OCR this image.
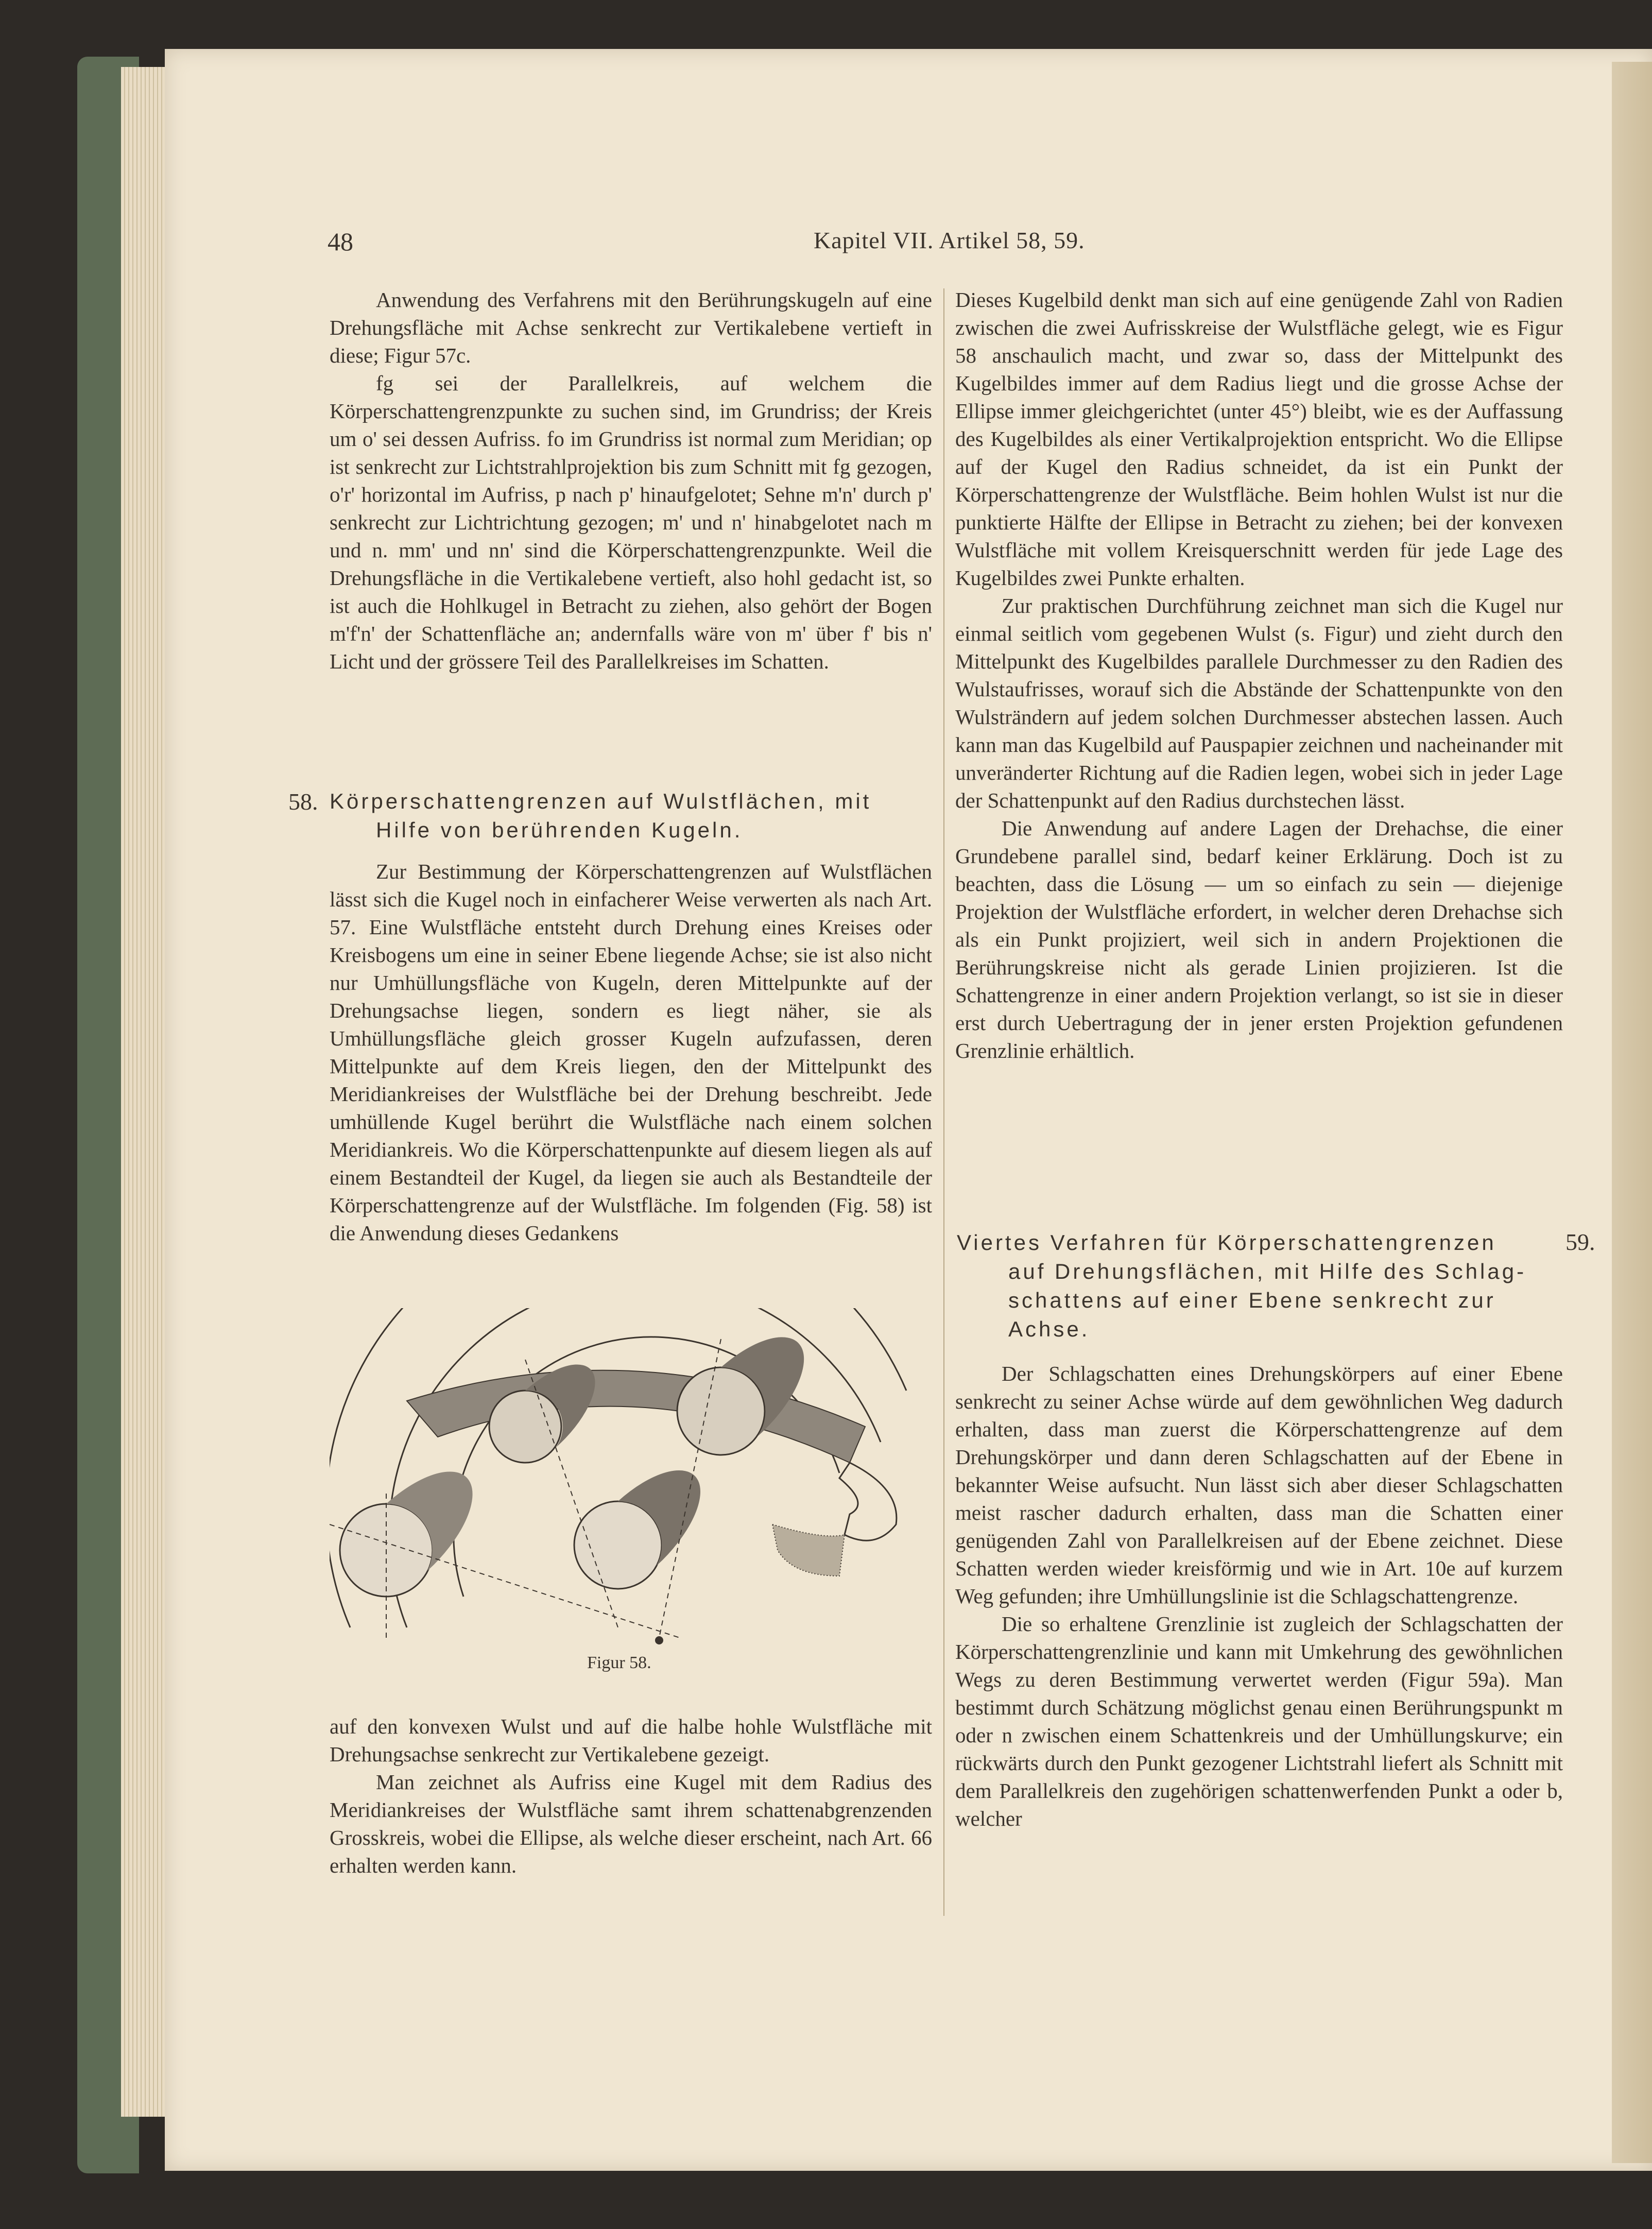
48	Kapitel VII. Artikel 58, 59.

Anwendung des Verfahrens mit den Berührungskugeln auf eine Drehungsfläche mit Achse senkrecht zur Vertikalebene vertieft in diese; Figur 57c.

fg sei der Parallelkreis, auf welchem die Körperschattengrenzpunkte zu suchen sind, im Grundriss; der Kreis um o' sei dessen Aufriss. fo im Grundriss ist normal zum Meridian; op ist senkrecht zur Lichtstrahlprojektion bis zum Schnitt mit fg gezogen, o'r' horizontal im Aufriss, p nach p' hinaufgelotet; Sehne m'n' durch p' senkrecht zur Lichtrichtung gezogen; m' und n' hinabgelotet nach m und n. mm' und nn' sind die Körperschattengrenzpunkte. Weil die Drehungsfläche in die Vertikalebene vertieft, also hohl gedacht ist, so ist auch die Hohlkugel in Betracht zu ziehen, also gehört der Bogen m'f'n' der Schattenfläche an; andernfalls wäre von m' über f' bis n' Licht und der grössere Teil des Parallelkreises im Schatten.

58. Körperschattengrenzen auf Wulstflächen, mit
Hilfe von berührenden Kugeln.

Zur Bestimmung der Körperschattengrenzen auf Wulstflächen lässt sich die Kugel noch in einfacherer Weise verwerten als nach Art. 57. Eine Wulstfläche entsteht durch Drehung eines Kreises oder Kreisbogens um eine in seiner Ebene liegende Achse; sie ist also nicht nur Umhüllungsfläche von Kugeln, deren Mittelpunkte auf der Drehungsachse liegen, sondern es liegt näher, sie als Umhüllungsfläche gleich grosser Kugeln aufzufassen, deren Mittelpunkte auf dem Kreis liegen, den der Mittelpunkt des Meridiankreises der Wulstfläche bei der Drehung beschreibt. Jede umhüllende Kugel berührt die Wulstfläche nach einem solchen Meridiankreis. Wo die Körperschattenpunkte auf diesem liegen als auf einem Bestandteil der Kugel, da liegen sie auch als Bestandteile der Körperschattengrenze auf der Wulstfläche. Im folgenden (Fig. 58) ist die Anwendung dieses Gedankens

Figur 58.

auf den konvexen Wulst und auf die halbe hohle Wulstfläche mit Drehungsachse senkrecht zur Vertikalebene gezeigt.

Man zeichnet als Aufriss eine Kugel mit dem Radius des Meridiankreises der Wulstfläche samt ihrem schattenabgrenzenden Grosskreis, wobei die Ellipse, als welche dieser erscheint, nach Art. 66 erhalten werden kann.

Dieses Kugelbild denkt man sich auf eine genügende Zahl von Radien zwischen die zwei Aufrisskreise der Wulstfläche gelegt, wie es Figur 58 anschaulich macht, und zwar so, dass der Mittelpunkt des Kugelbildes immer auf dem Radius liegt und die grosse Achse der Ellipse immer gleichgerichtet (unter 45°) bleibt, wie es der Auffassung des Kugelbildes als einer Vertikalprojektion entspricht. Wo die Ellipse auf der Kugel den Radius schneidet, da ist ein Punkt der Körperschattengrenze der Wulstfläche. Beim hohlen Wulst ist nur die punktierte Hälfte der Ellipse in Betracht zu ziehen; bei der konvexen Wulstfläche mit vollem Kreisquerschnitt werden für jede Lage des Kugelbildes zwei Punkte erhalten.

Zur praktischen Durchführung zeichnet man sich die Kugel nur einmal seitlich vom gegebenen Wulst (s. Figur) und zieht durch den Mittelpunkt des Kugelbildes parallele Durchmesser zu den Radien des Wulstaufrisses, worauf sich die Abstände der Schattenpunkte von den Wulsträndern auf jedem solchen Durchmesser abstechen lassen. Auch kann man das Kugelbild auf Pauspapier zeichnen und nacheinander mit unveränderter Richtung auf die Radien legen, wobei sich in jeder Lage der Schattenpunkt auf den Radius durchstechen lässt.

Die Anwendung auf andere Lagen der Drehachse, die einer Grundebene parallel sind, bedarf keiner Erklärung. Doch ist zu beachten, dass die Lösung — um so einfach zu sein — diejenige Projektion der Wulstfläche erfordert, in welcher deren Drehachse sich als ein Punkt projiziert, weil sich in andern Projektionen die Berührungskreise nicht als gerade Linien projizieren. Ist die Schattengrenze in einer andern Projektion verlangt, so ist sie in dieser erst durch Uebertragung der in jener ersten Projektion gefundenen Grenzlinie erhältlich.

Viertes Verfahren für Körperschattengrenzen	59.
auf Drehungsflächen, mit Hilfe des Schlag-
schattens auf einer Ebene senkrecht zur
Achse.

Der Schlagschatten eines Drehungskörpers auf einer Ebene senkrecht zu seiner Achse würde auf dem gewöhnlichen Weg dadurch erhalten, dass man zuerst die Körperschattengrenze auf dem Drehungskörper und dann deren Schlagschatten auf der Ebene in bekannter Weise aufsucht. Nun lässt sich aber dieser Schlagschatten meist rascher dadurch erhalten, dass man die Schatten einer genügenden Zahl von Parallelkreisen auf der Ebene zeichnet. Diese Schatten werden wieder kreisförmig und wie in Art. 10e auf kurzem Weg gefunden; ihre Umhüllungslinie ist die Schlagschattengrenze.

Die so erhaltene Grenzlinie ist zugleich der Schlagschatten der Körperschattengrenzlinie und kann mit Umkehrung des gewöhnlichen Wegs zu deren Bestimmung verwertet werden (Figur 59a). Man bestimmt durch Schätzung möglichst genau einen Berührungspunkt m oder n zwischen einem Schattenkreis und der Umhüllungskurve; ein rückwärts durch den Punkt gezogener Lichtstrahl liefert als Schnitt mit dem Parallelkreis den zugehörigen schattenwerfenden Punkt a oder b, welcher
